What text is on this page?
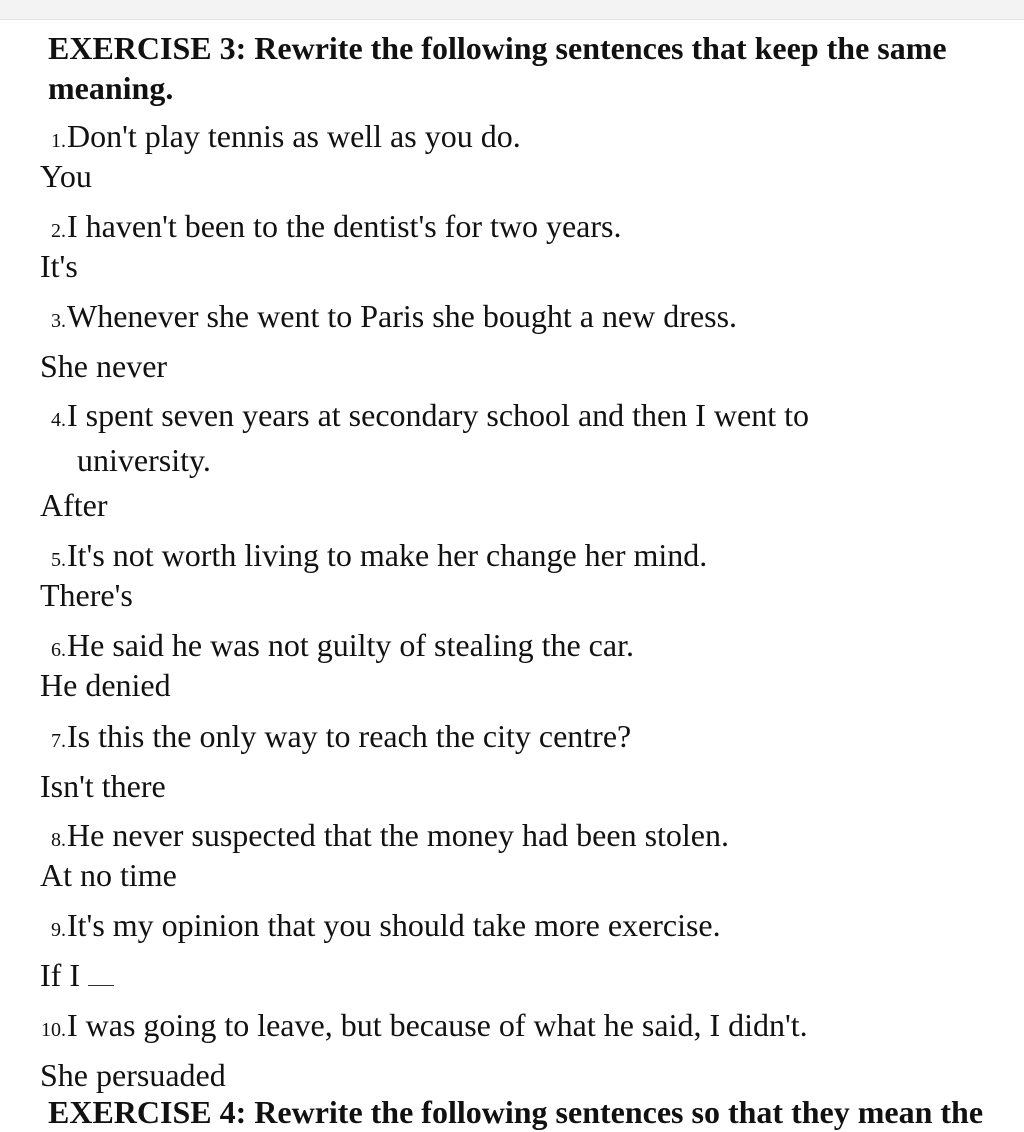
EXERCISE 3: Rewrite the following sentences that keep the same meaning.
1.Don't play tennis as well as you do.
You
2.I haven't been to the dentist's for two years.
It's
3.Whenever she went to Paris she bought a new dress.
She never
4.I spent seven years at secondary school and then I went to
university.
After
5.It's not worth living to make her change her mind.
There's
6.He said he was not guilty of stealing the car.
He denied
7.Is this the only way to reach the city centre?
Isn't there
8.He never suspected that the money had been stolen.
At no time
9.It's my opinion that you should take more exercise.
If I
10.I was going to leave, but because of what he said, I didn't.
She persuaded
EXERCISE 4: Rewrite the following sentences so that they mean the
